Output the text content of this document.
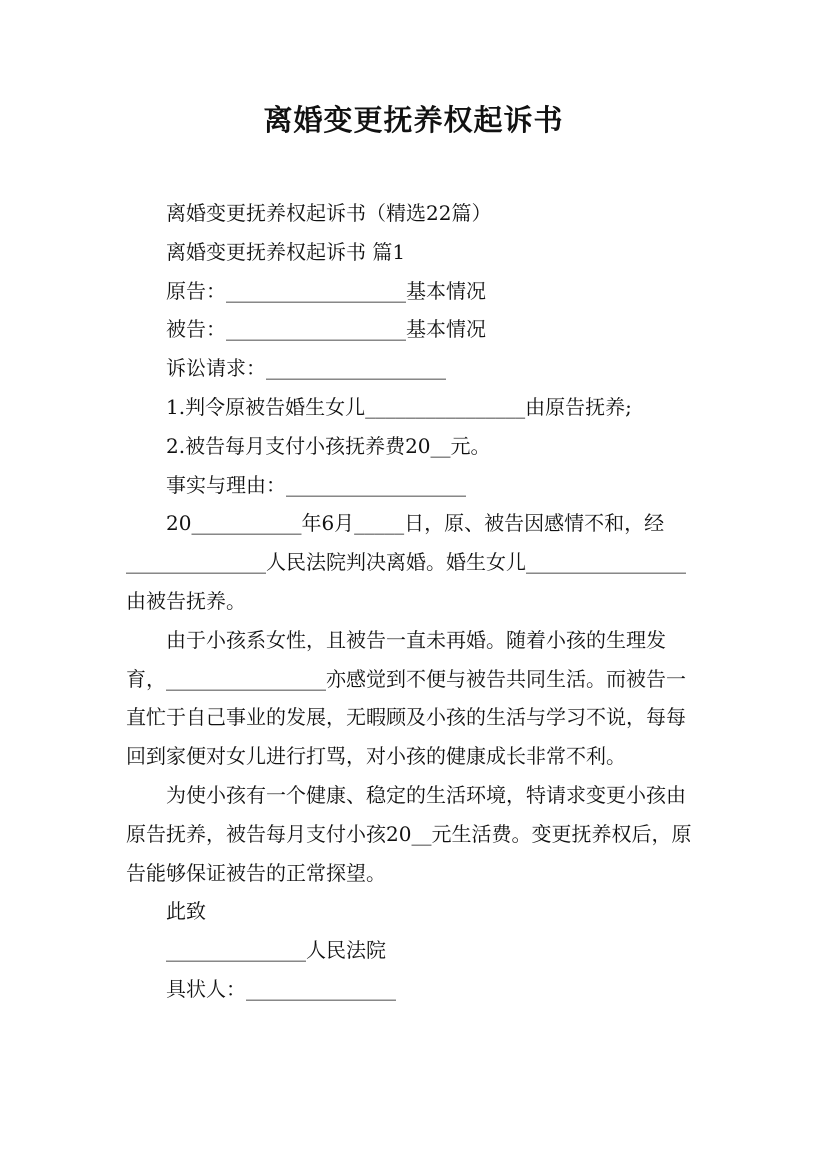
离婚变更抚养权起诉书

离婚变更抚养权起诉书（精选22篇）

离婚变更抚养权起诉书 篇1

原告：__________________基本情况

被告：__________________基本情况

诉讼请求：__________________

1.判令原被告婚生女儿________________由原告抚养;

2.被告每月支付小孩抚养费20__元。

事实与理由：__________________

20___________年6月_____日，原、被告因感情不和，经______________人民法院判决离婚。婚生女儿________________由被告抚养。

由于小孩系女性，且被告一直未再婚。随着小孩的生理发育，________________亦感觉到不便与被告共同生活。而被告一直忙于自己事业的发展，无暇顾及小孩的生活与学习不说，每每回到家便对女儿进行打骂，对小孩的健康成长非常不利。

为使小孩有一个健康、稳定的生活环境，特请求变更小孩由原告抚养，被告每月支付小孩20__元生活费。变更抚养权后，原告能够保证被告的正常探望。

此致

______________人民法院

具状人：_______________
